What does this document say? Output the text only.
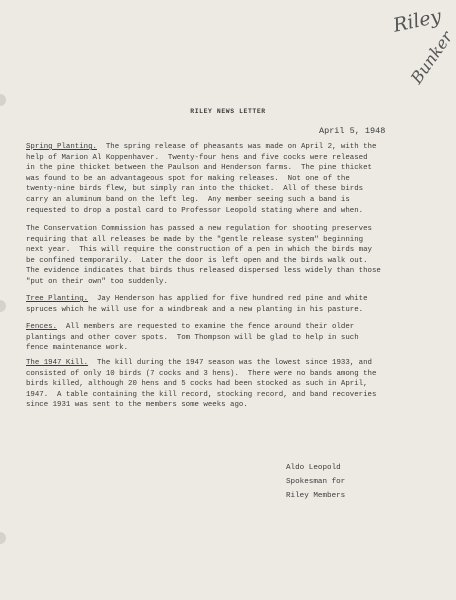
Riley
Bunker
RILEY NEWS LETTER
April 5, 1948
Spring Planting.  The spring release of pheasants was made on April 2, with the
help of Marion Al Koppenhaver.  Twenty-four hens and five cocks were released
in the pine thicket between the Paulson and Henderson farms.  The pine thicket
was found to be an advantageous spot for making releases.  Not one of the
twenty-nine birds flew, but simply ran into the thicket.  All of these birds
carry an aluminum band on the left leg.  Any member seeing such a band is
requested to drop a postal card to Professor Leopold stating where and when.
The Conservation Commission has passed a new regulation for shooting preserves
requiring that all releases be made by the "gentle release system" beginning
next year.  This will require the construction of a pen in which the birds may
be confined temporarily.  Later the door is left open and the birds walk out.
The evidence indicates that birds thus released dispersed less widely than those
"put on their own" too suddenly.
Tree Planting.  Jay Henderson has applied for five hundred red pine and white
spruces which he will use for a windbreak and a new planting in his pasture.
Fences.  All members are requested to examine the fence around their older
plantings and other cover spots.  Tom Thompson will be glad to help in such
fence maintenance work.
The 1947 Kill.  The kill during the 1947 season was the lowest since 1933, and
consisted of only 10 birds (7 cocks and 3 hens).  There were no bands among the
birds killed, although 20 hens and 5 cocks had been stocked as such in April,
1947.  A table containing the kill record, stocking record, and band recoveries
since 1931 was sent to the members some weeks ago.
Aldo Leopold
Spokesman for
Riley Members
